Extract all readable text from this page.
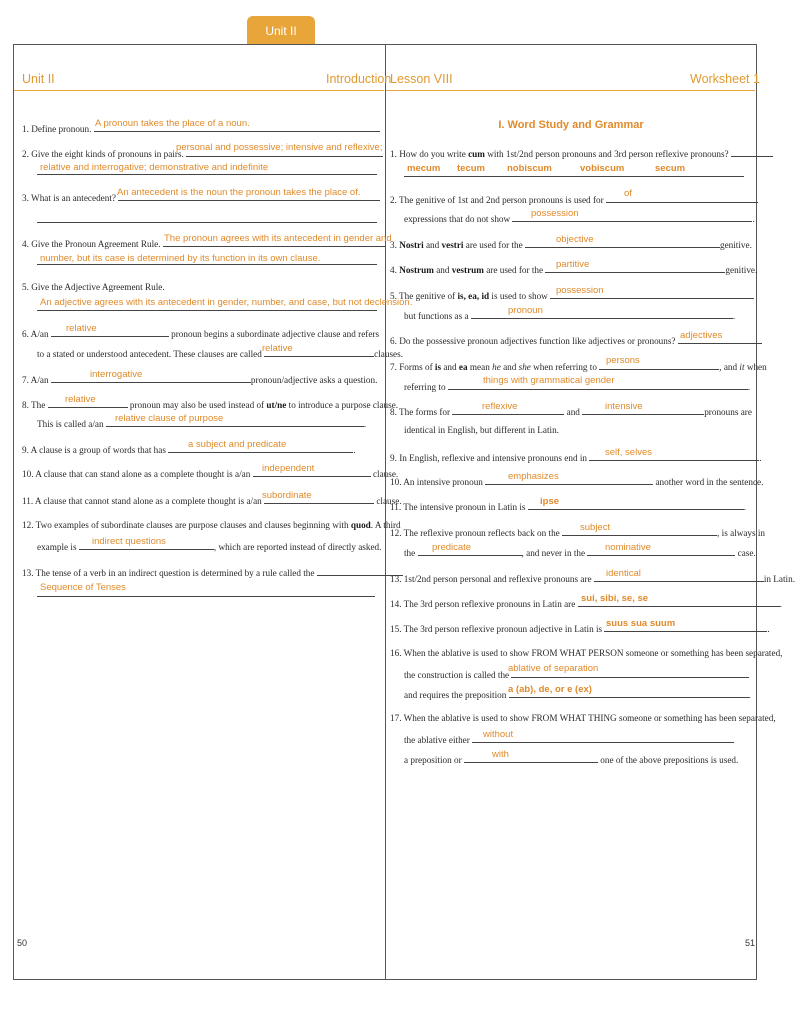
Unit II
Unit II	Introduction
Lesson VIII	Worksheet 1
I. Word Study and Grammar
1. Define pronoun. A pronoun takes the place of a noun.
2. Give the eight kinds of pronouns in pairs.
personal and possessive; intensive and reflexive;
relative and interrogative; demonstrative and indefinite
3. What is an antecedent? An antecedent is the noun the pronoun takes the place of.
4. Give the Pronoun Agreement Rule. The pronoun agrees with its antecedent in gender and
number, but its case is determined by its function in its own clause.
5. Give the Adjective Agreement Rule.
An adjective agrees with its antecedent in gender, number, and case, but not declension.
6. A/an	pronoun begins a subordinate adjective clause and refers
relative
to a stated or understood antecedent. These clauses are called	clauses.
relative
7. A/an	pronoun/adjective asks a question.
interrogative
8. The	pronoun may also be used instead of ut/ne to introduce a purpose clause.
relative
This is called a/an	.
relative clause of purpose
9. A clause is a group of words that has	.
a subject and predicate
10. A clause that can stand alone as a complete thought is a/an	clause.
independent
11. A clause that cannot stand alone as a complete thought is a/an	clause.
subordinate
12. Two examples of subordinate clauses are purpose clauses and clauses beginning with quod. A third
example is	, which are reported instead of directly asked.
indirect questions
13. The tense of a verb in an indirect question is determined by a rule called the
Sequence of Tenses
1. How do you write cum with 1st/2nd person pronouns and 3rd person reflexive pronouns?
mecum tecum nobiscum	vobiscum	secum
2. The genitive of 1st and 2nd person pronouns is used for
of
expressions that do not show	.
possession
3. Nostri and vestri are used for the	genitive.
objective
4. Nostrum and vestrum are used for the	genitive.
partitive
5. The genitive of is, ea, id is used to show possession
but functions as a	.
pronoun
6. Do the possessive pronoun adjectives function like adjectives or pronouns? adjectives
7. Forms of is and ea mean he and she when referring to	, and it when
persons
referring to	.
things with grammatical gender
8. The forms for	and	pronouns are
reflexive	intensive
identical in English, but different in Latin.
9. In English, reflexive and intensive pronouns end in	.
self, selves
10. An intensive pronoun	another word in the sentence.
emphasizes
11. The intensive pronoun in Latin is	.
ipse
12. The reflexive pronoun reflects back on the	, is always in
subject
the	, and never in the	case.
predicate	nominative
13. 1st/2nd person personal and reflexive pronouns are	in Latin.
identical
14. The 3rd person reflexive pronouns in Latin are	.
sui, sibi, se, se
15. The 3rd person reflexive pronoun adjective in Latin is	.
suus sua suum
16. When the ablative is used to show FROM WHAT PERSON someone or something has been separated,
the construction is called the
ablative of separation
and requires the preposition	.
a (ab), de, or e (ex)
17. When the ablative is used to show FROM WHAT THING someone or something has been separated,
the ablative either	without
a preposition or	one of the above prepositions is used.
with
50	51
